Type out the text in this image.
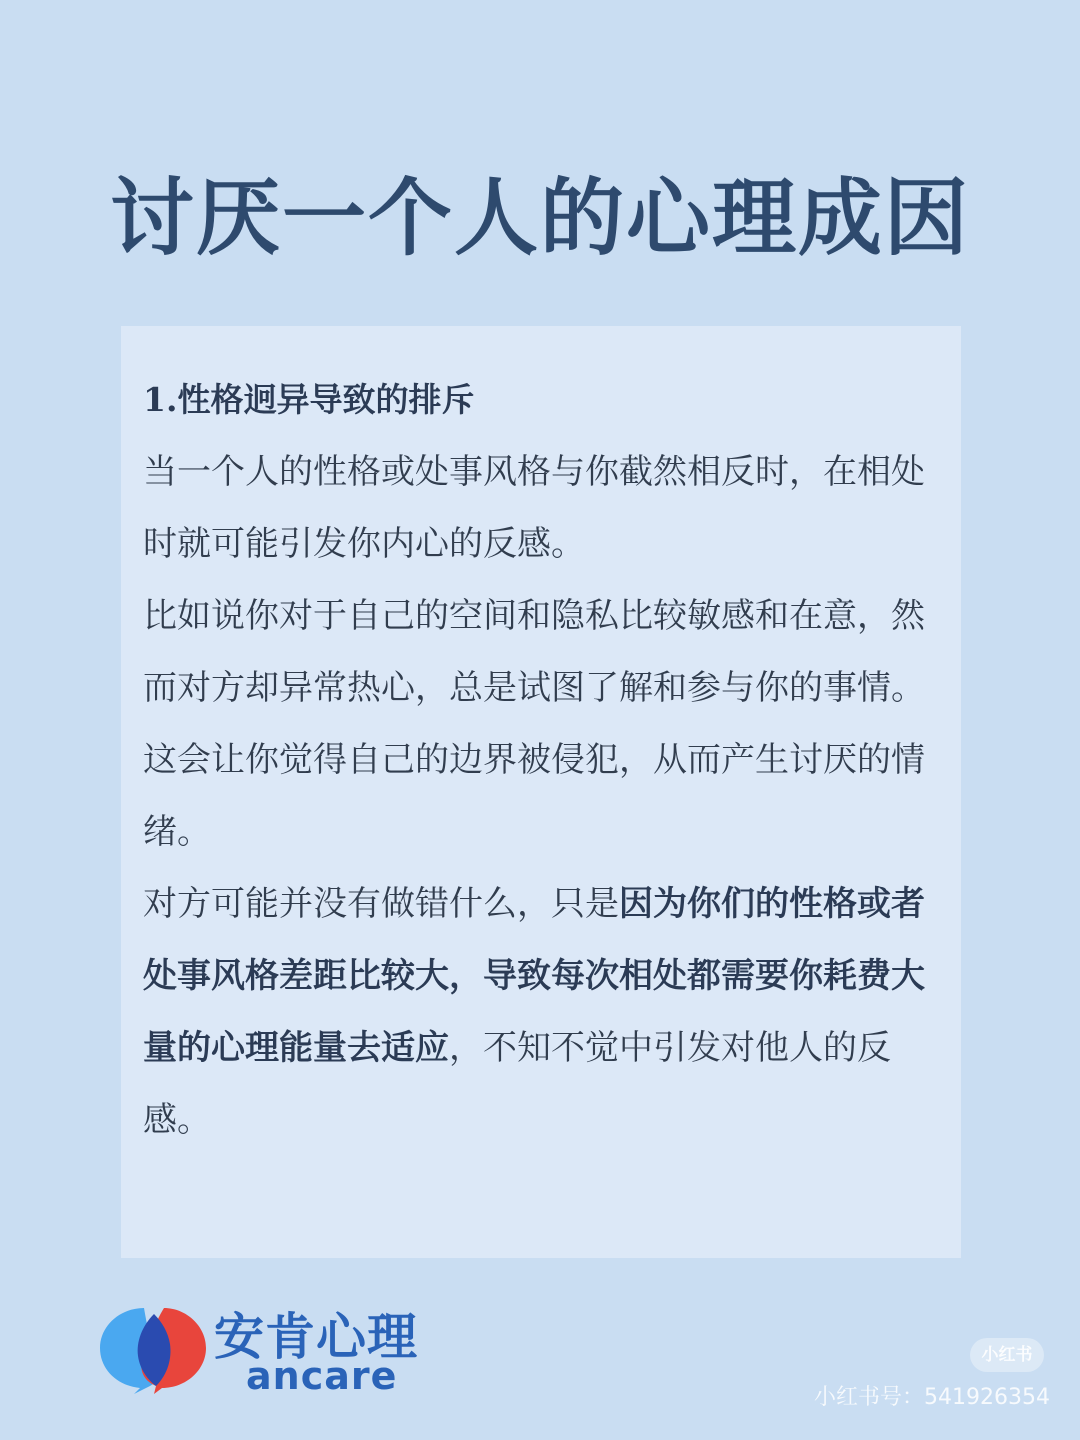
讨厌一个人的心理成因

1.性格迥异导致的排斥

当一个人的性格或处事风格与你截然相反时，在相处时就可能引发你内心的反感。

比如说你对于自己的空间和隐私比较敏感和在意，然而对方却异常热心，总是试图了解和参与你的事情。

这会让你觉得自己的边界被侵犯，从而产生讨厌的情绪。

对方可能并没有做错什么，只是因为你们的性格或者处事风格差距比较大，导致每次相处都需要你耗费大量的心理能量去适应，不知不觉中引发对他人的反感。

安肯心理
ancare	小红书
小红书号：541926354
